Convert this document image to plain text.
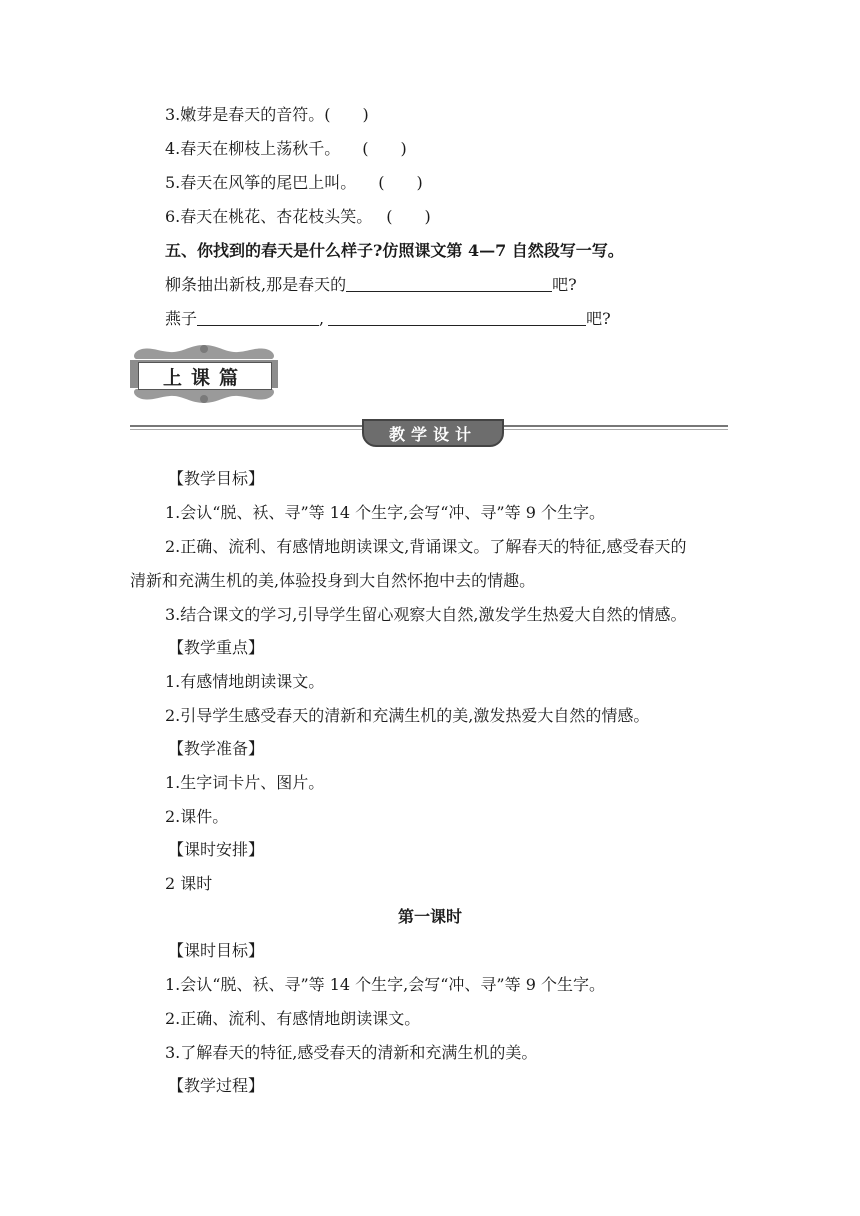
3.嫩芽是春天的音符。(　　)
4.春天在柳枝上荡秋千。 (　　)
5.春天在风筝的尾巴上叫。 (　　)
6.春天在桃花、杏花枝头笑。 (　　)
五、你找到的春天是什么样子?仿照课文第 4—7 自然段写一写。
柳条抽出新枝,那是春天的	吧?
燕子	,	吧?
上课篇
教学设计
【教学目标】
1.会认“脱、袄、寻”等 14 个生字,会写“冲、寻”等 9 个生字。
2.正确、流利、有感情地朗读课文,背诵课文。了解春天的特征,感受春天的
清新和充满生机的美,体验投身到大自然怀抱中去的情趣。
3.结合课文的学习,引导学生留心观察大自然,激发学生热爱大自然的情感。
【教学重点】
1.有感情地朗读课文。
2.引导学生感受春天的清新和充满生机的美,激发热爱大自然的情感。
【教学准备】
1.生字词卡片、图片。
2.课件。
【课时安排】
2 课时
第一课时
【课时目标】
1.会认“脱、袄、寻”等 14 个生字,会写“冲、寻”等 9 个生字。
2.正确、流利、有感情地朗读课文。
3.了解春天的特征,感受春天的清新和充满生机的美。
【教学过程】
